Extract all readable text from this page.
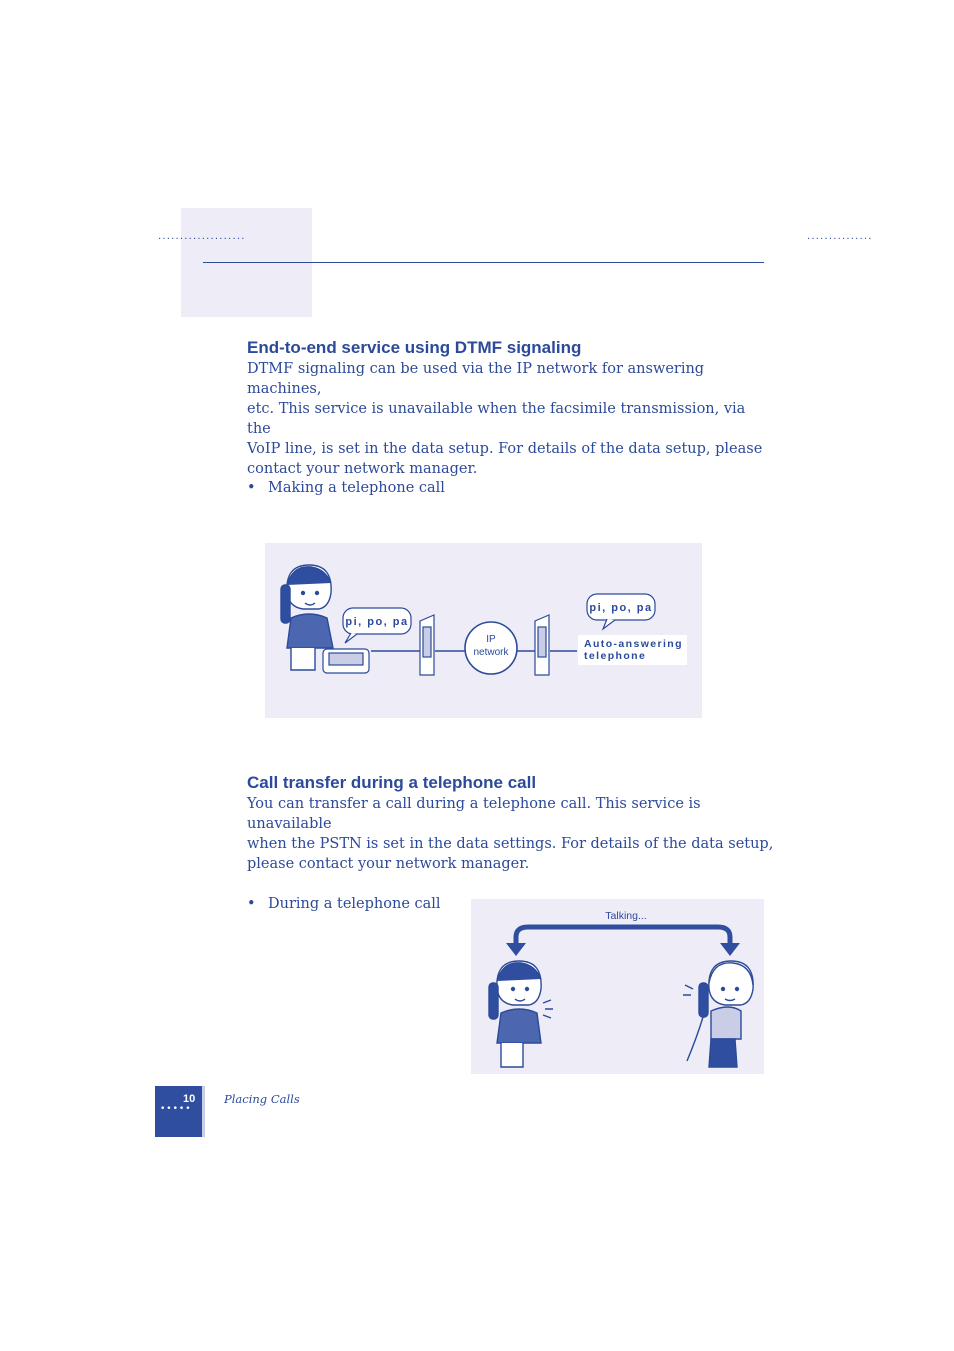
····················	···············
End-to-end service using DTMF signaling
DTMF signaling can be used via the IP network for answering machines,
etc. This service is unavailable when the facsimile transmission, via the
VoIP line, is set in the data setup. For details of the data setup, please
contact your network manager.
• Making a telephone call
pi, po, pa
IP
network
pi, po, pa
Auto-answering
telephone
Call transfer during a telephone call
You can transfer a call during a telephone call. This service is unavailable
when the PSTN is set in the data settings. For details of the data setup,
please contact your network manager.
• During a telephone call
Talking...
10
•••••
Placing Calls
